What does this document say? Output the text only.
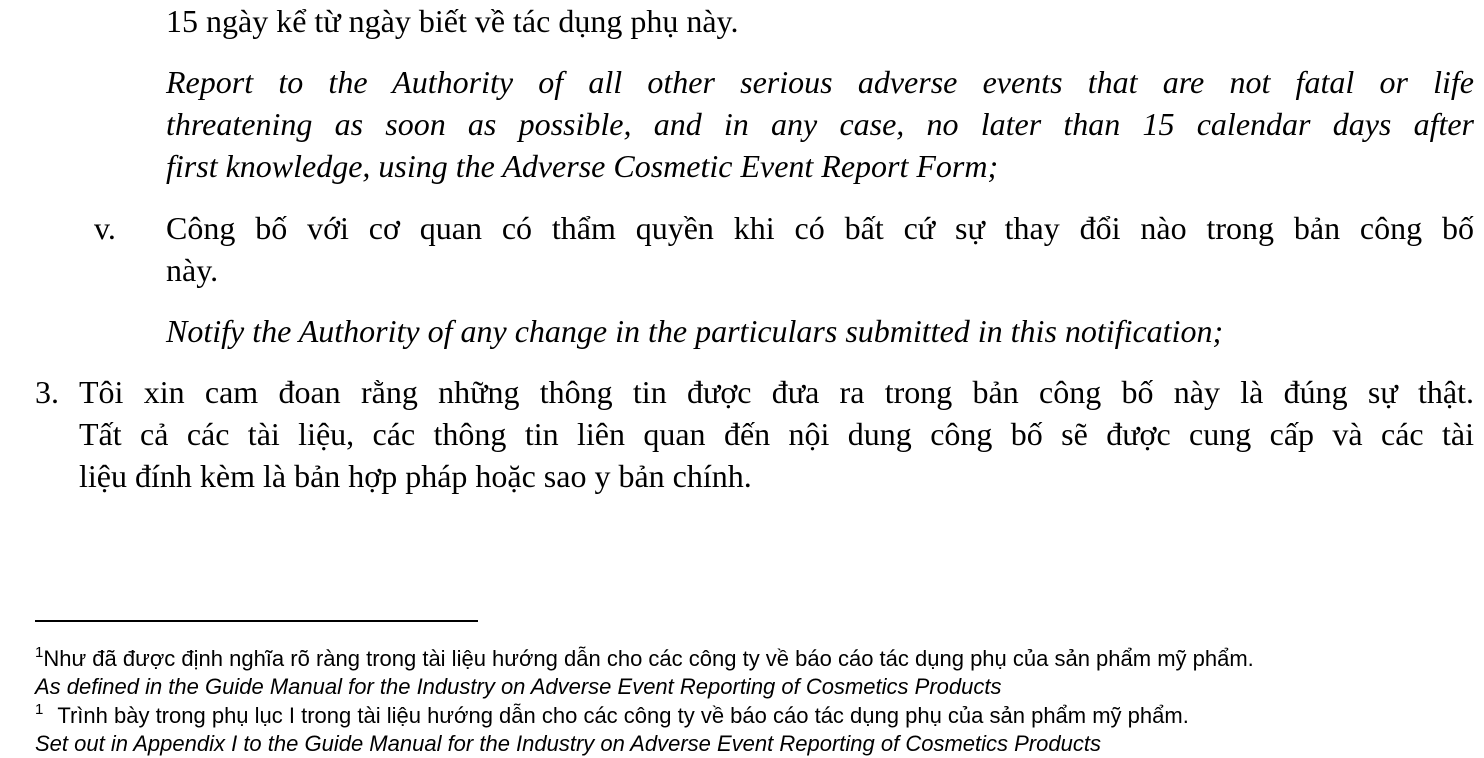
15 ngày kể từ ngày biết về tác dụng phụ này.
Report to the Authority of all other serious adverse events that are not fatal or life
threatening as soon as possible, and in any case, no later than 15 calendar days after
first knowledge, using the Adverse Cosmetic Event Report Form;
v. Công bố với cơ quan có thẩm quyền khi có bất cứ sự thay đổi nào trong bản công bố
này.
Notify the Authority of any change in the particulars submitted in this notification;
3. Tôi xin cam đoan rằng những thông tin được đưa ra trong bản công bố này là đúng sự thật.
Tất cả các tài liệu, các thông tin liên quan đến nội dung công bố sẽ được cung cấp và các tài
liệu đính kèm là bản hợp pháp hoặc sao y bản chính.
$^1$Như đã được định nghĩa rõ ràng trong tài liệu hướng dẫn cho các công ty về báo cáo tác dụng phụ của sản phẩm mỹ phẩm.
As defined in the Guide Manual for the Industry on Adverse Event Reporting of Cosmetics Products
$^1$ Trình bày trong phụ lục I trong tài liệu hướng dẫn cho các công ty về báo cáo tác dụng phụ của sản phẩm mỹ phẩm.
Set out in Appendix I to the Guide Manual for the Industry on Adverse Event Reporting of Cosmetics Products
